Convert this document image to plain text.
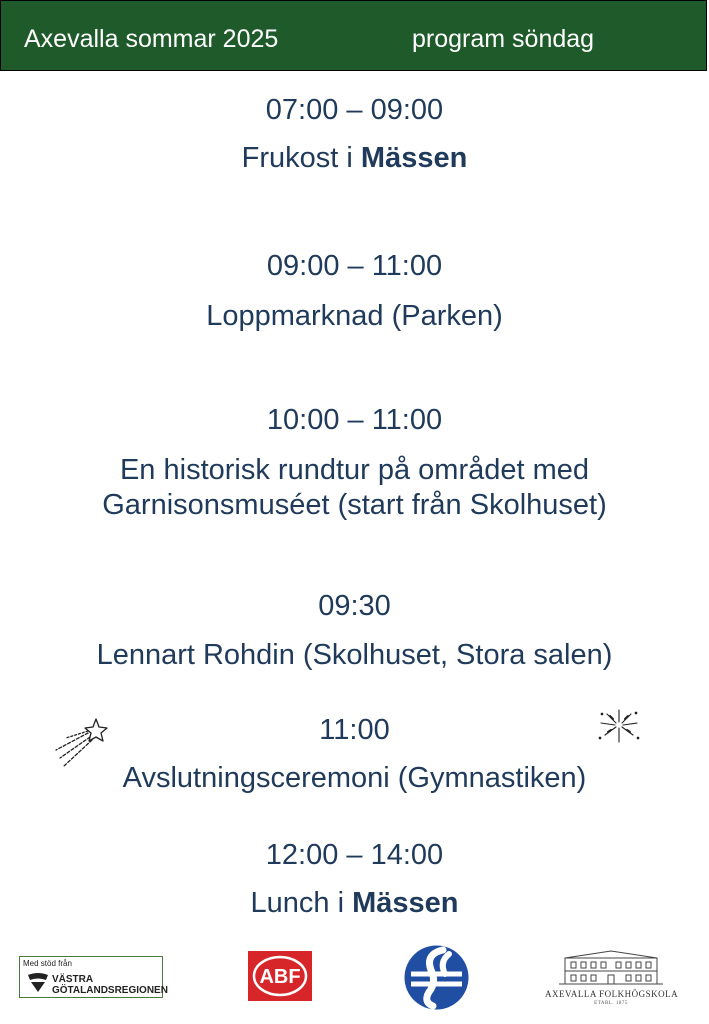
Axevalla sommar 2025	program söndag
07:00 – 09:00
Frukost i Mässen
09:00 – 11:00
Loppmarknad (Parken)
10:00 – 11:00
En historisk rundtur på området med
Garnisonsmuséet (start från Skolhuset)
09:30
Lennart Rohdin (Skolhuset, Stora salen)
11:00
Avslutningsceremoni (Gymnastiken)
12:00 – 14:00
Lunch i Mässen
Med stöd från
VÄSTRA
GÖTALANDSREGIONEN
ABF
AXEVALLA FOLKHÖGSKOLA
ETABL. 1875
